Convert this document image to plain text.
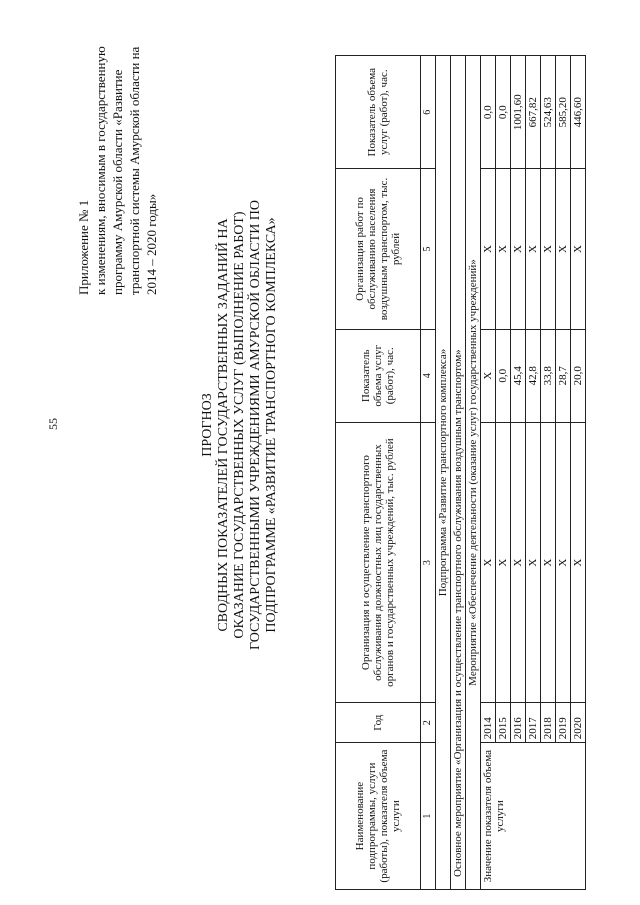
55
Приложение № 1 к изменениям, вносимым в государственную программу Амурской области «Развитие транспортной системы Амурской области на 2014 – 2020 годы»
ПРОГНОЗ СВОДНЫХ ПОКАЗАТЕЛЕЙ ГОСУДАРСТВЕННЫХ ЗАДАНИЙ НА ОКАЗАНИЕ ГОСУДАРСТВЕННЫХ УСЛУГ (ВЫПОЛНЕНИЕ РАБОТ) ГОСУДАРСТВЕННЫМИ УЧРЕЖДЕНИЯМИ АМУРСКОЙ ОБЛАСТИ ПО ПОДПРОГРАММЕ «РАЗВИТИЕ ТРАНСПОРТНОГО КОМПЛЕКСА»
Наименование подпрограммы, услуги (работы), показателя объема услуги	Год	Организация и осуществление транспортного обслуживания должностных лиц государственных органов и государственных учреждений, тыс. рублей	Показатель объема услуг (работ), час.	Организация работ по обслуживанию населения воздушным транспортом, тыс. рублей	Показатель объема услуг (работ), час.
1	2	3	4	5	6
Подпрограмма «Развитие транспортного комплекса»					
Основное мероприятие «Организация и осуществление транспортного обслуживания воздушным транспортом»					
Мероприятие «Обеспечение деятельности (оказание услуг) государственных учреждений»					
Значение показателя объема услуги	2014	X	X	X	0,0
	2015	X	0,0	X	0,0
	2016	X	45,4	X	1001,60
	2017	X	42,8	X	667,82
	2018	X	33,8	X	524,63
	2019	X	28,7	X	585,20
	2020	X	20,0	X	446,60
